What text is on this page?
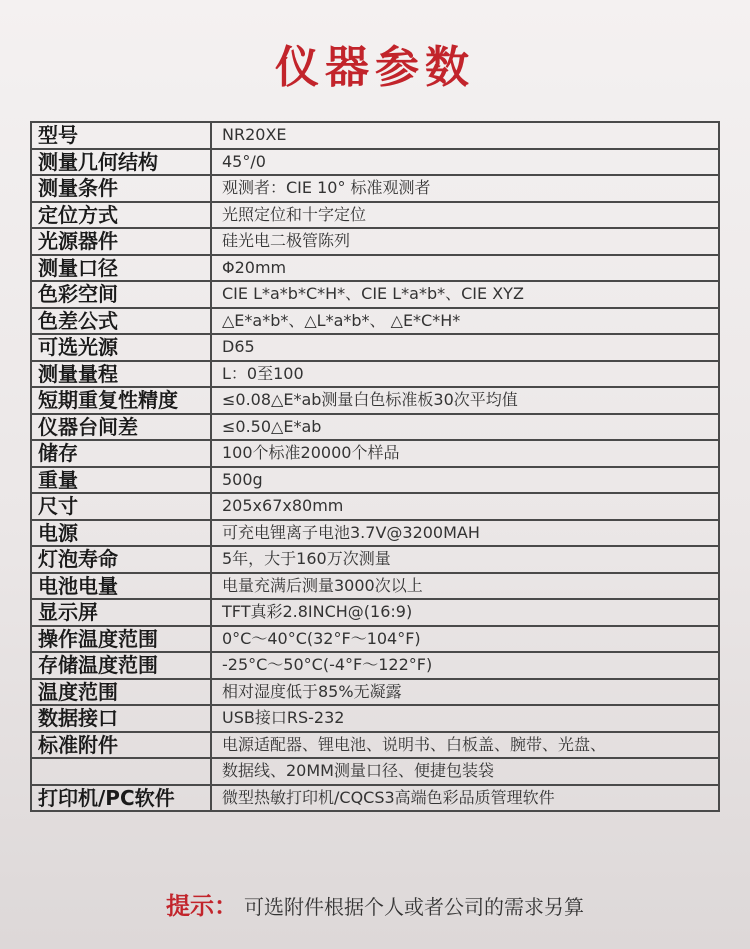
仪器参数
型号	NR20XE
测量几何结构	45°/0
测量条件	观测者：CIE 10° 标准观测者
定位方式	光照定位和十字定位
光源器件	硅光电二极管陈列
测量口径	Φ20mm
色彩空间	CIE L*a*b*C*H*、CIE L*a*b*、CIE XYZ
色差公式	△E*a*b*、△L*a*b*、 △E*C*H*
可选光源	D65
测量量程	L：0至100
短期重复性精度	≤0.08△E*ab测量白色标准板30次平均值
仪器台间差	≤0.50△E*ab
储存	100个标准20000个样品
重量	500g
尺寸	205x67x80mm
电源	可充电锂离子电池3.7V@3200MAH
灯泡寿命	5年，大于160万次测量
电池电量	电量充满后测量3000次以上
显示屏	TFT真彩2.8INCH@(16:9)
操作温度范围	0°C～40°C(32°F～104°F)
存储温度范围	-25°C～50°C(-4°F～122°F)
温度范围	相对湿度低于85%无凝露
数据接口	USB接口RS-232
标准附件	电源适配器、锂电池、说明书、白板盖、腕带、光盘、
	数据线、20MM测量口径、便捷包装袋
打印机/PC软件	微型热敏打印机/CQCS3高端色彩品质管理软件
提示： 可选附件根据个人或者公司的需求另算
